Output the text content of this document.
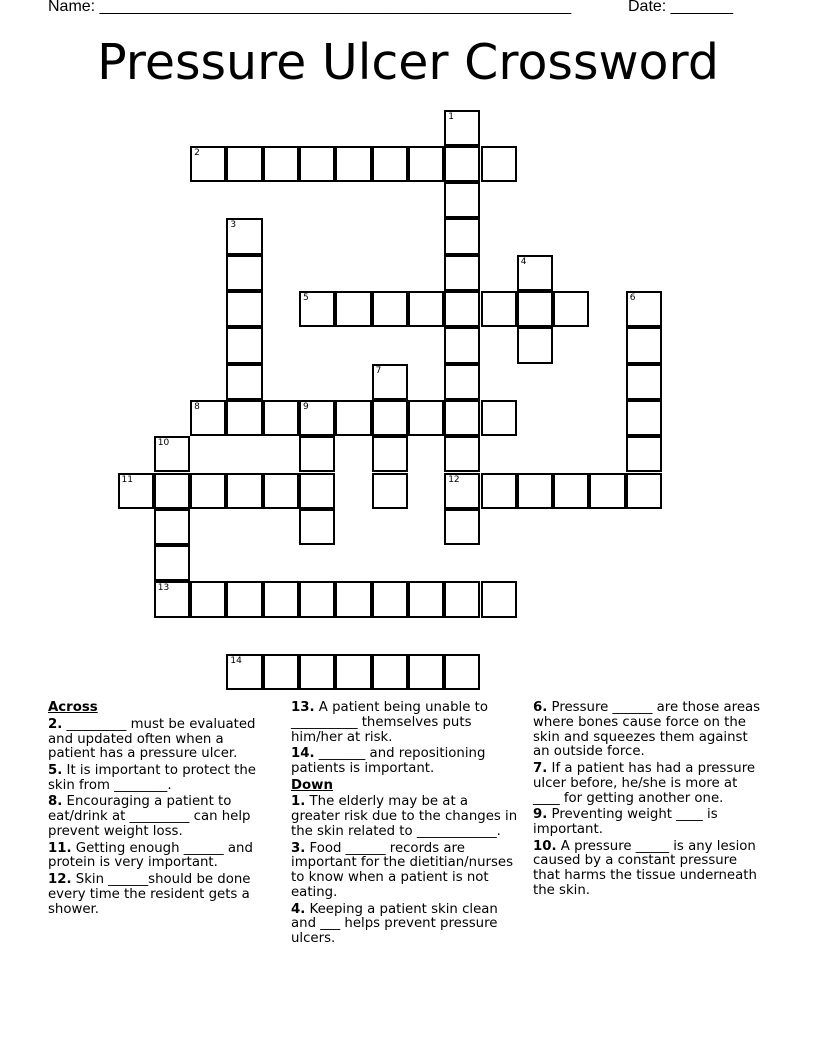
Name: _____________________________________________________	Date: _______
Pressure Ulcer Crossword
1
12
2
3
4
5	6
7
8	9
10
13
11
14
Across
2. _________ must be evaluated and updated often when a patient has a pressure ulcer.
5. It is important to protect the skin from ________.
8. Encouraging a patient to eat/drink at _________ can help prevent weight loss.
11. Getting enough ______ and protein is very important.
12. Skin ______should be done every time the resident gets a shower.
13. A patient being unable to __________ themselves puts him/her at risk.
14. _______ and repositioning patients is important.
Down
1. The elderly may be at a greater risk due to the changes in the skin related to ____________.
3. Food ______ records are important for the dietitian/nurses to know when a patient is not eating.
4. Keeping a patient skin clean and ___ helps prevent pressure ulcers.
6. Pressure ______ are those areas where bones cause force on the skin and squeezes them against an outside force.
7. If a patient has had a pressure ulcer before, he/she is more at ____ for getting another one.
9. Preventing weight ____ is important.
10. A pressure _____ is any lesion caused by a constant pressure that harms the tissue underneath the skin.
